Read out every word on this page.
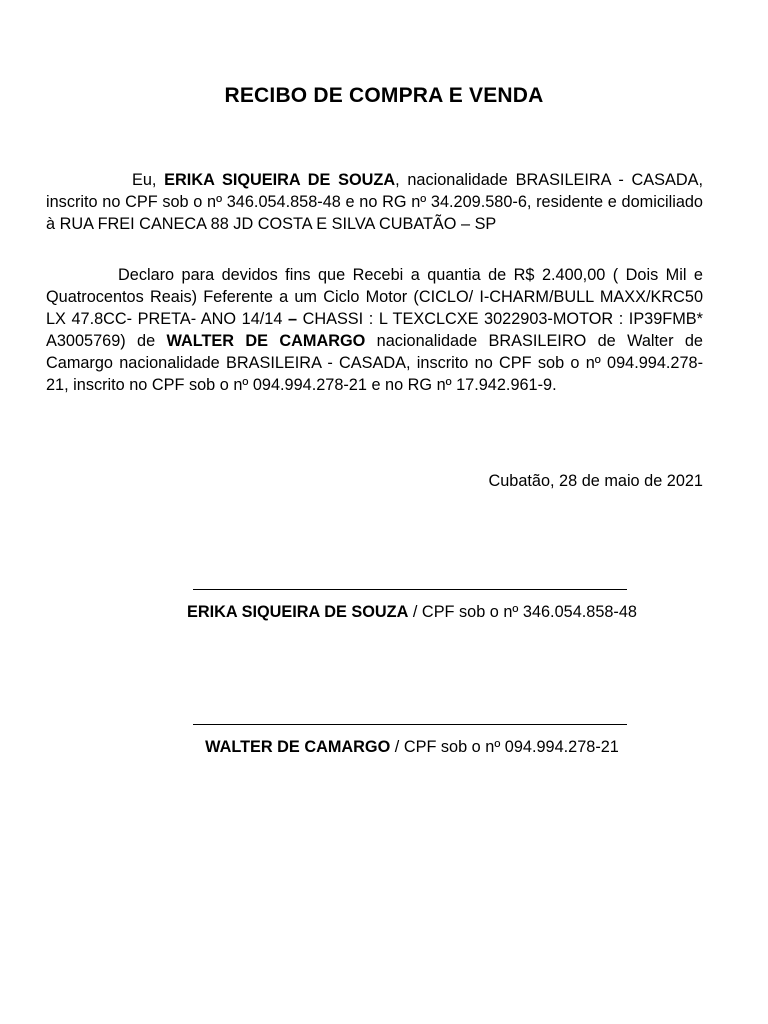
RECIBO DE COMPRA E VENDA
Eu, ERIKA SIQUEIRA DE SOUZA, nacionalidade BRASILEIRA - CASADA, inscrito no CPF sob o nº 346.054.858-48 e no RG nº 34.209.580-6, residente e domiciliado à RUA FREI CANECA 88 JD COSTA E SILVA CUBATÃO – SP
Declaro para devidos fins que Recebi a quantia de R$ 2.400,00 ( Dois Mil e Quatrocentos Reais) Feferente a um Ciclo Motor (CICLO/ I-CHARM/BULL MAXX/KRC50 LX 47.8CC- PRETA- ANO 14/14 – CHASSI : L TEXCLCXE 3022903-MOTOR : IP39FMB* A3005769) de WALTER DE CAMARGO nacionalidade BRASILEIRO de Walter de Camargo nacionalidade BRASILEIRA - CASADA, inscrito no CPF sob o nº 094.994.278-21, inscrito no CPF sob o nº 094.994.278-21 e no RG nº 17.942.961-9.
Cubatão, 28 de maio de 2021
ERIKA SIQUEIRA DE SOUZA / CPF sob o nº 346.054.858-48
WALTER DE CAMARGO / CPF sob o nº 094.994.278-21
